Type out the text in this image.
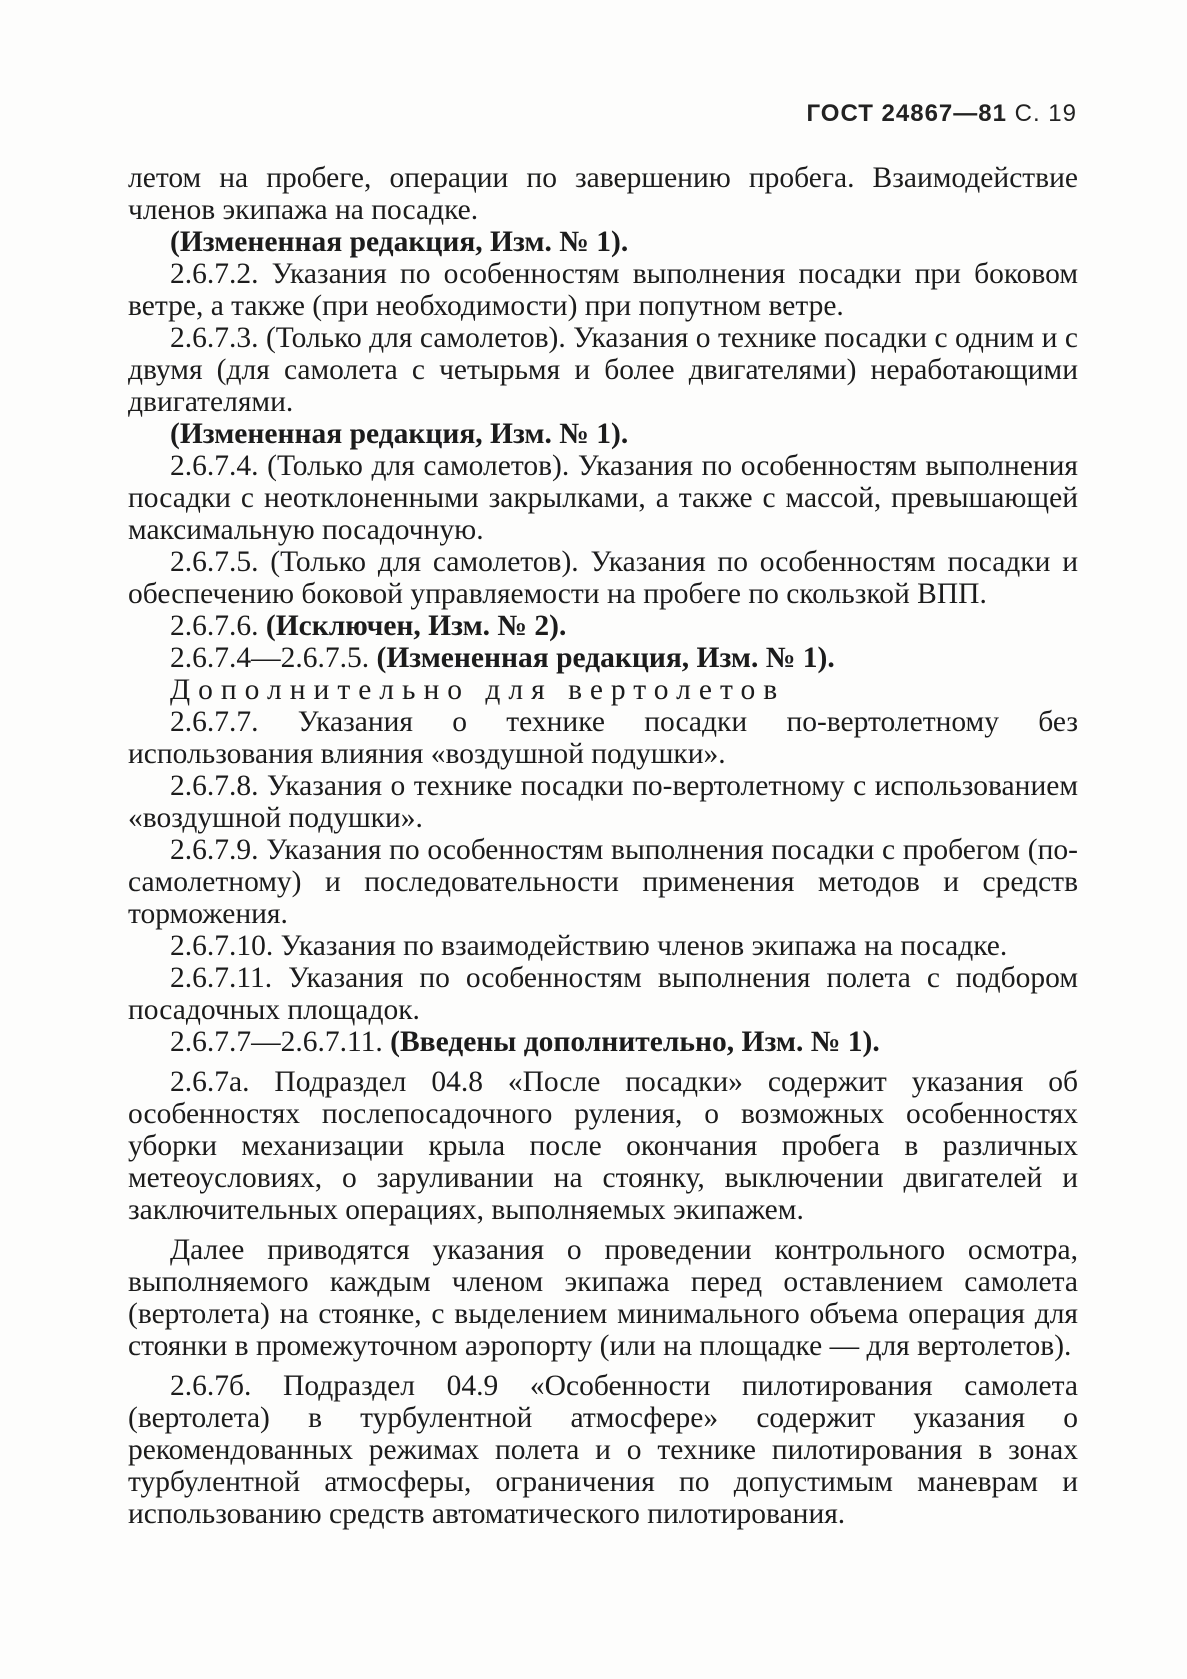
ГОСТ 24867—81 С. 19

летом на пробеге, операции по завершению пробега. Взаимодействие членов экипажа на посадке.

(Измененная редакция, Изм. № 1).

2.6.7.2. Указания по особенностям выполнения посадки при боковом ветре, а также (при необходимости) при попутном ветре.

2.6.7.3. (Только для самолетов). Указания о технике посадки с одним и с двумя (для самолета с четырьмя и более двигателями) неработающими двигателями.

(Измененная редакция, Изм. № 1).

2.6.7.4. (Только для самолетов). Указания по особенностям выполнения посадки с неотклоненными закрылками, а также с массой, превышающей максимальную посадочную.

2.6.7.5. (Только для самолетов). Указания по особенностям посадки и обеспечению боковой управляемости на пробеге по скользкой ВПП.

2.6.7.6. (Исключен, Изм. № 2).

2.6.7.4—2.6.7.5. (Измененная редакция, Изм. № 1).

Дополнительно для вертолетов

2.6.7.7. Указания о технике посадки по-вертолетному без использования влияния «воздушной подушки».

2.6.7.8. Указания о технике посадки по-вертолетному с использованием «воздушной подушки».

2.6.7.9. Указания по особенностям выполнения посадки с пробегом (по-самолетному) и последовательности применения методов и средств торможения.

2.6.7.10. Указания по взаимодействию членов экипажа на посадке.

2.6.7.11. Указания по особенностям выполнения полета с подбором посадочных площадок.

2.6.7.7—2.6.7.11. (Введены дополнительно, Изм. № 1).

2.6.7а. Подраздел 04.8 «После посадки» содержит указания об особенностях послепосадочного руления, о возможных особенностях уборки механизации крыла после окончания пробега в различных метеоусловиях, о заруливании на стоянку, выключении двигателей и заключительных операциях, выполняемых экипажем.

Далее приводятся указания о проведении контрольного осмотра, выполняемого каждым членом экипажа перед оставлением самолета (вертолета) на стоянке, с выделением минимального объема операция для стоянки в промежуточном аэропорту (или на площадке — для вертолетов).

2.6.7б. Подраздел 04.9 «Особенности пилотирования самолета (вертолета) в турбулентной атмосфере» содержит указания о рекомендованных режимах полета и о технике пилотирования в зонах турбулентной атмосферы, ограничения по допустимым маневрам и использованию средств автоматического пилотирования.
